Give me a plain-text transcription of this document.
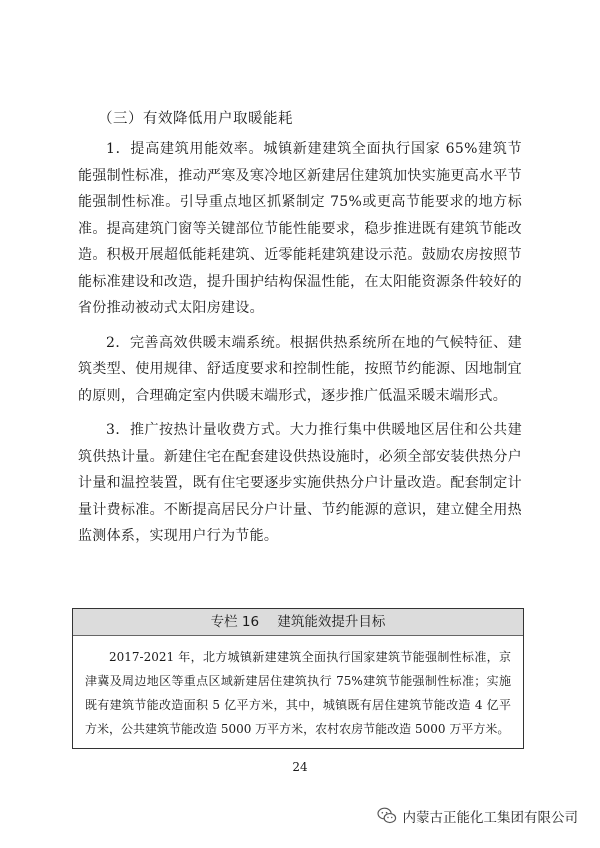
（三）有效降低用户取暖能耗

1．提高建筑用能效率。城镇新建建筑全面执行国家 65%建筑节能强制性标准，推动严寒及寒冷地区新建居住建筑加快实施更高水平节能强制性标准。引导重点地区抓紧制定 75%或更高节能要求的地方标准。提高建筑门窗等关键部位节能性能要求，稳步推进既有建筑节能改造。积极开展超低能耗建筑、近零能耗建筑建设示范。鼓励农房按照节能标准建设和改造，提升围护结构保温性能，在太阳能资源条件较好的省份推动被动式太阳房建设。

2．完善高效供暖末端系统。根据供热系统所在地的气候特征、建筑类型、使用规律、舒适度要求和控制性能，按照节约能源、因地制宜的原则，合理确定室内供暖末端形式，逐步推广低温采暖末端形式。

3．推广按热计量收费方式。大力推行集中供暖地区居住和公共建筑供热计量。新建住宅在配套建设供热设施时，必须全部安装供热分户计量和温控装置，既有住宅要逐步实施供热分户计量改造。配套制定计量计费标准。不断提高居民分户计量、节约能源的意识，建立健全用热监测体系，实现用户行为节能。

专栏 16 建筑能效提升目标
2017-2021 年，北方城镇新建建筑全面执行国家建筑节能强制性标准，京津冀及周边地区等重点区域新建居住建筑执行 75%建筑节能强制性标准；实施既有建筑节能改造面积 5 亿平方米，其中，城镇既有居住建筑节能改造 4 亿平方米，公共建筑节能改造 5000 万平方米，农村农房节能改造 5000 万平方米。
24
内蒙古正能化工集团有限公司
